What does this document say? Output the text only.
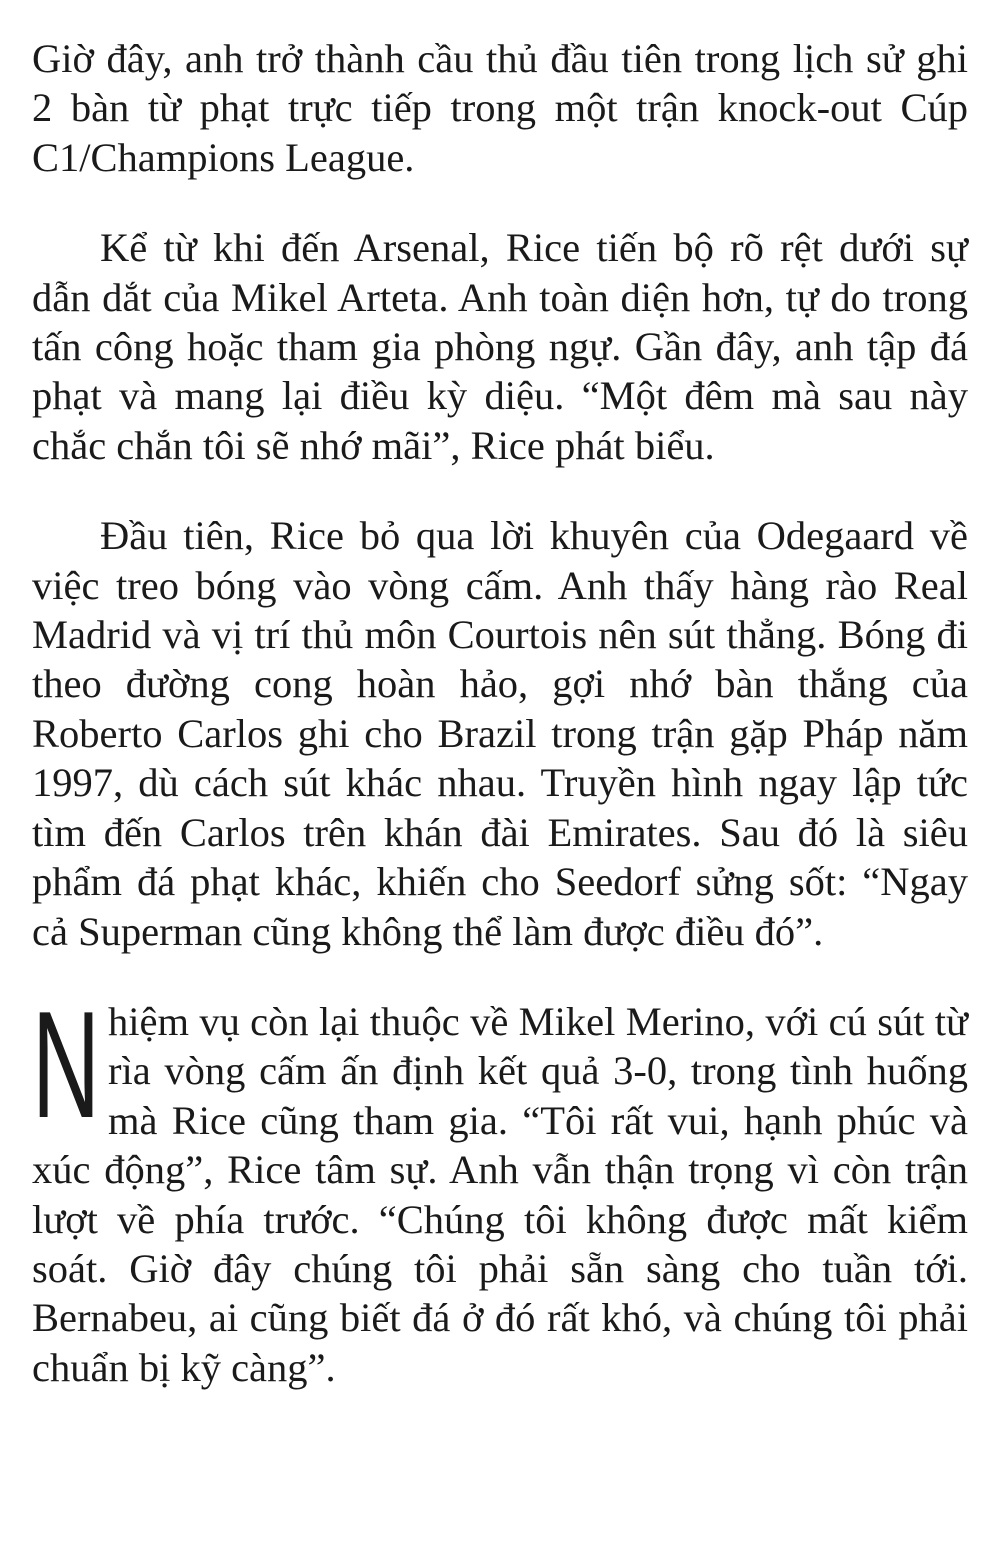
Giờ đây, anh trở thành cầu thủ đầu tiên trong lịch sử ghi 2 bàn từ phạt trực tiếp trong một trận knock-out Cúp C1/Champions League.

Kể từ khi đến Arsenal, Rice tiến bộ rõ rệt dưới sự dẫn dắt của Mikel Arteta. Anh toàn diện hơn, tự do trong tấn công hoặc tham gia phòng ngự. Gần đây, anh tập đá phạt và mang lại điều kỳ diệu. “Một đêm mà sau này chắc chắn tôi sẽ nhớ mãi”, Rice phát biểu.

Đầu tiên, Rice bỏ qua lời khuyên của Odegaard về việc treo bóng vào vòng cấm. Anh thấy hàng rào Real Madrid và vị trí thủ môn Courtois nên sút thẳng. Bóng đi theo đường cong hoàn hảo, gợi nhớ bàn thắng của Roberto Carlos ghi cho Brazil trong trận gặp Pháp năm 1997, dù cách sút khác nhau. Truyền hình ngay lập tức tìm đến Carlos trên khán đài Emirates. Sau đó là siêu phẩm đá phạt khác, khiến cho Seedorf sửng sốt: “Ngay cả Superman cũng không thể làm được điều đó”.

Nhiệm vụ còn lại thuộc về Mikel Merino, với cú sút từ rìa vòng cấm ấn định kết quả 3-0, trong tình huống mà Rice cũng tham gia. “Tôi rất vui, hạnh phúc và xúc động”, Rice tâm sự. Anh vẫn thận trọng vì còn trận lượt về phía trước. “Chúng tôi không được mất kiểm soát. Giờ đây chúng tôi phải sẵn sàng cho tuần tới. Bernabeu, ai cũng biết đá ở đó rất khó, và chúng tôi phải chuẩn bị kỹ càng”.
